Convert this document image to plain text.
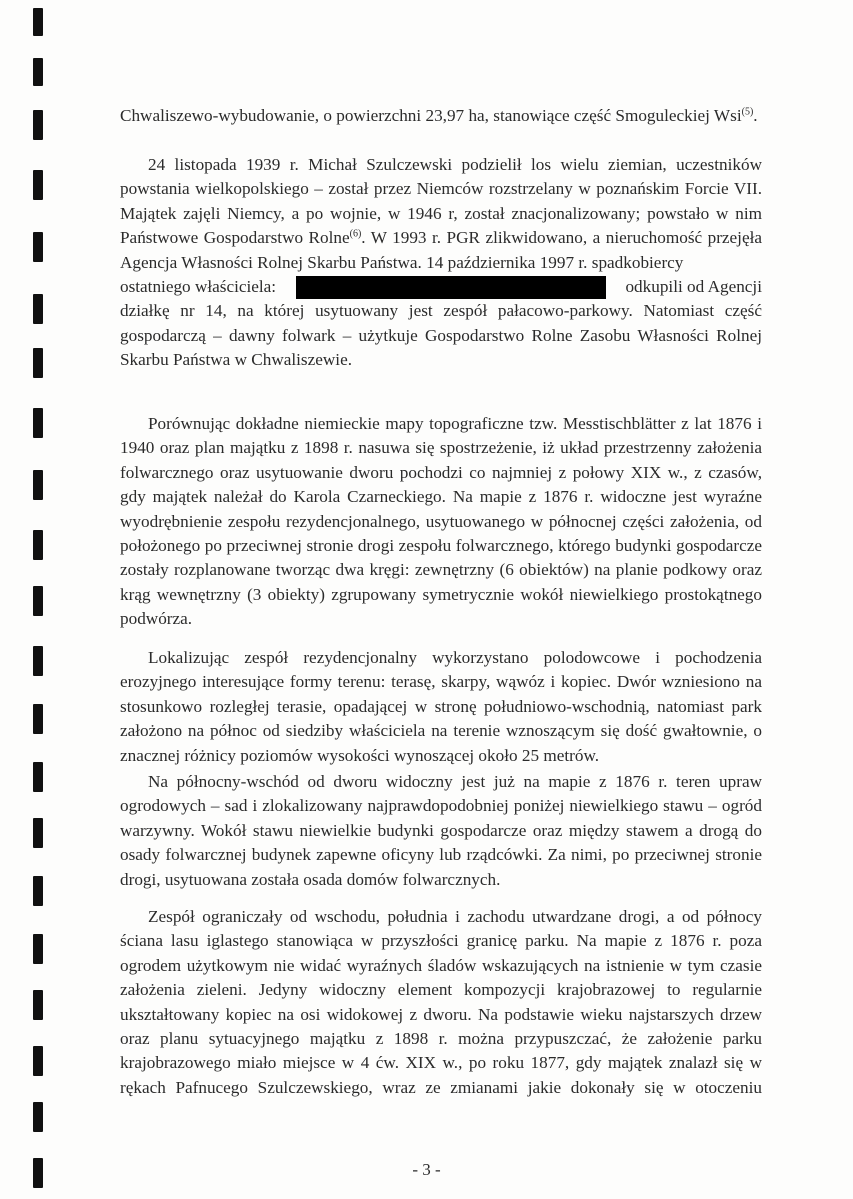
Chwaliszewo-wybudowanie, o powierzchni 23,97 ha, stanowiące część Smoguleckiej Wsi$^{(5)}$.

24 listopada 1939 r. Michał Szulczewski podzielił los wielu ziemian, uczestników powstania wielkopolskiego – został przez Niemców rozstrzelany w poznańskim Forcie VII. Majątek zajęli Niemcy, a po wojnie, w 1946 r, został znacjonalizowany; powstało w nim Państwowe Gospodarstwo Rolne$^{(6)}$. W 1993 r. PGR zlikwidowano, a nieruchomość przejęła Agencja Własności Rolnej Skarbu Państwa. 14 października 1997 r. spadkobiercy

ostatniego właściciela:	odkupili od Agencji

działkę nr 14, na której usytuowany jest zespół pałacowo-parkowy. Natomiast część gospodarczą – dawny folwark – użytkuje Gospodarstwo Rolne Zasobu Własności Rolnej Skarbu Państwa w Chwaliszewie.

Porównując dokładne niemieckie mapy topograficzne tzw. Messtischblätter z lat 1876 i 1940 oraz plan majątku z 1898 r. nasuwa się spostrzeżenie, iż układ przestrzenny założenia folwarcznego oraz usytuowanie dworu pochodzi co najmniej z połowy XIX w., z czasów, gdy majątek należał do Karola Czarneckiego. Na mapie z 1876 r. widoczne jest wyraźne wyodrębnienie zespołu rezydencjonalnego, usytuowanego w północnej części założenia, od położonego po przeciwnej stronie drogi zespołu folwarcznego, którego budynki gospodarcze zostały rozplanowane tworząc dwa kręgi: zewnętrzny (6 obiektów) na planie podkowy oraz krąg wewnętrzny (3 obiekty) zgrupowany symetrycznie wokół niewielkiego prostokątnego podwórza.

Lokalizując zespół rezydencjonalny wykorzystano polodowcowe i pochodzenia erozyjnego interesujące formy terenu: terasę, skarpy, wąwóz i kopiec. Dwór wzniesiono na stosunkowo rozległej terasie, opadającej w stronę południowo-wschodnią, natomiast park założono na północ od siedziby właściciela na terenie wznoszącym się dość gwałtownie, o znacznej różnicy poziomów wysokości wynoszącej około 25 metrów.

Na północny-wschód od dworu widoczny jest już na mapie z 1876 r. teren upraw ogrodowych – sad i zlokalizowany najprawdopodobniej poniżej niewielkiego stawu – ogród warzywny. Wokół stawu niewielkie budynki gospodarcze oraz między stawem a drogą do osady folwarcznej budynek zapewne oficyny lub rządcówki. Za nimi, po przeciwnej stronie drogi, usytuowana została osada domów folwarcznych.

Zespół ograniczały od wschodu, południa i zachodu utwardzane drogi, a od północy ściana lasu iglastego stanowiąca w przyszłości granicę parku. Na mapie z 1876 r. poza ogrodem użytkowym nie widać wyraźnych śladów wskazujących na istnienie w tym czasie założenia zieleni. Jedyny widoczny element kompozycji krajobrazowej to regularnie ukształtowany kopiec na osi widokowej z dworu. Na podstawie wieku najstarszych drzew oraz planu sytuacyjnego majątku z 1898 r. można przypuszczać, że założenie parku krajobrazowego miało miejsce w 4 ćw. XIX w., po roku 1877, gdy majątek znalazł się w rękach Pafnucego Szulczewskiego, wraz ze zmianami jakie dokonały się w otoczeniu

- 3 -
